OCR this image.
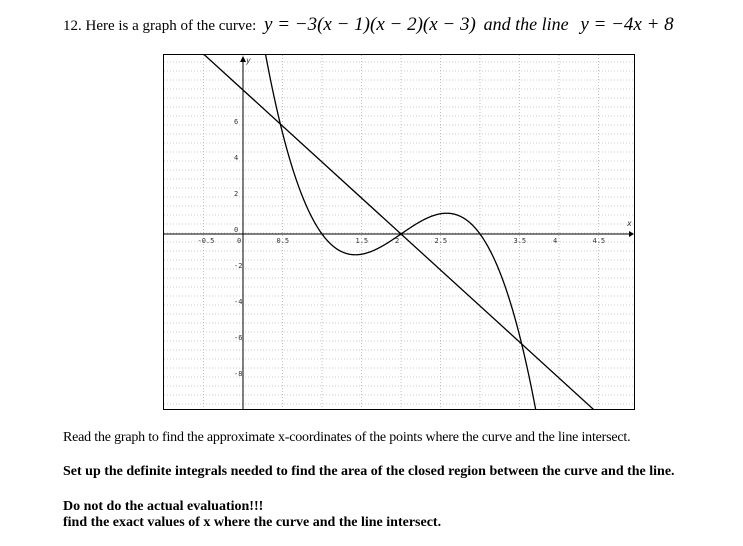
12. Here is a graph of the curve: y = −3(x − 1)(x − 2)(x − 3) and the line y = −4x + 8
x
y
-0.5	0	0.5	1.5	2	2.5	3.5	4	4.5
6
4
2
0
-2
-4
-6
-8
Read the graph to find the approximate x-coordinates of the points where the curve and the line intersect.
Set up the definite integrals needed to find the area of the closed region between the curve and the line.
Do not do the actual evaluation!!!
find the exact values of x where the curve and the line intersect.
